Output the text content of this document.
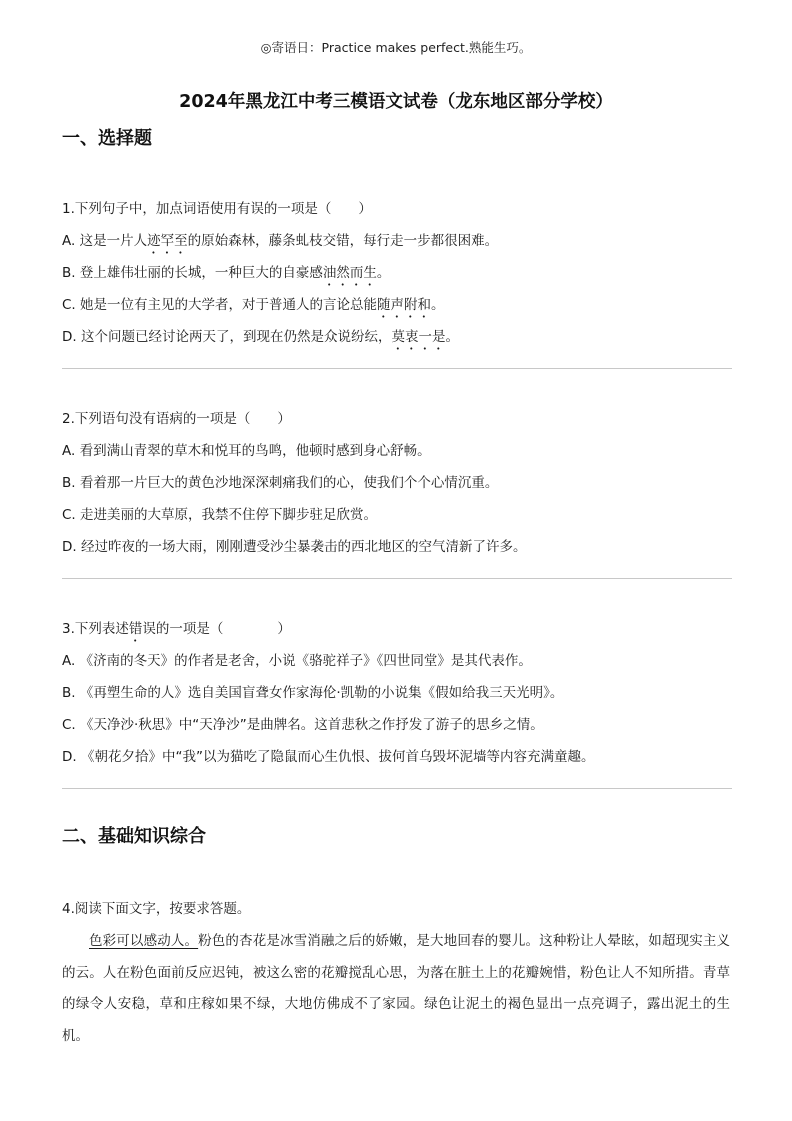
◎寄语日：Practice makes perfect.熟能生巧。
2024年黑龙江中考三模语文试卷（龙东地区部分学校）
一、选择题
1.下列句子中，加点词语使用有误的一项是（　　）
A. 这是一片人迹罕至的原始森林，藤条虬枝交错，每行走一步都很困难。
B. 登上雄伟壮丽的长城，一种巨大的自豪感油然而生。
C. 她是一位有主见的大学者，对于普通人的言论总能随声附和。
D. 这个问题已经讨论两天了，到现在仍然是众说纷纭，莫衷一是。
2.下列语句没有语病的一项是（　　）
A. 看到满山青翠的草木和悦耳的鸟鸣，他顿时感到身心舒畅。
B. 看着那一片巨大的黄色沙地深深刺痛我们的心，使我们个个心情沉重。
C. 走进美丽的大草原，我禁不住停下脚步驻足欣赏。
D. 经过昨夜的一场大雨，刚刚遭受沙尘暴袭击的西北地区的空气清新了许多。
3.下列表述错误的一项是（　　　　）
A. 《济南的冬天》的作者是老舍，小说《骆驼祥子》《四世同堂》是其代表作。
B. 《再塑生命的人》选自美国盲聋女作家海伦·凯勒的小说集《假如给我三天光明》。
C. 《天净沙·秋思》中“天净沙”是曲牌名。这首悲秋之作抒发了游子的思乡之情。
D. 《朝花夕拾》中“我”以为猫吃了隐鼠而心生仇恨、拔何首乌毁坏泥墙等内容充满童趣。
二、基础知识综合
4.阅读下面文字，按要求答题。
色彩可以感动人。粉色的杏花是冰雪消融之后的娇嫩，是大地回春的婴儿。这种粉让人晕眩，如超现实主义的云。人在粉色面前反应迟钝，被这么密的花瓣搅乱心思，为落在脏土上的花瓣婉惜，粉色让人不知所措。青草的绿令人安稳，草和庄稼如果不绿，大地仿佛成不了家园。绿色让泥土的褐色显出一点亮调子，露出泥土的生机。
